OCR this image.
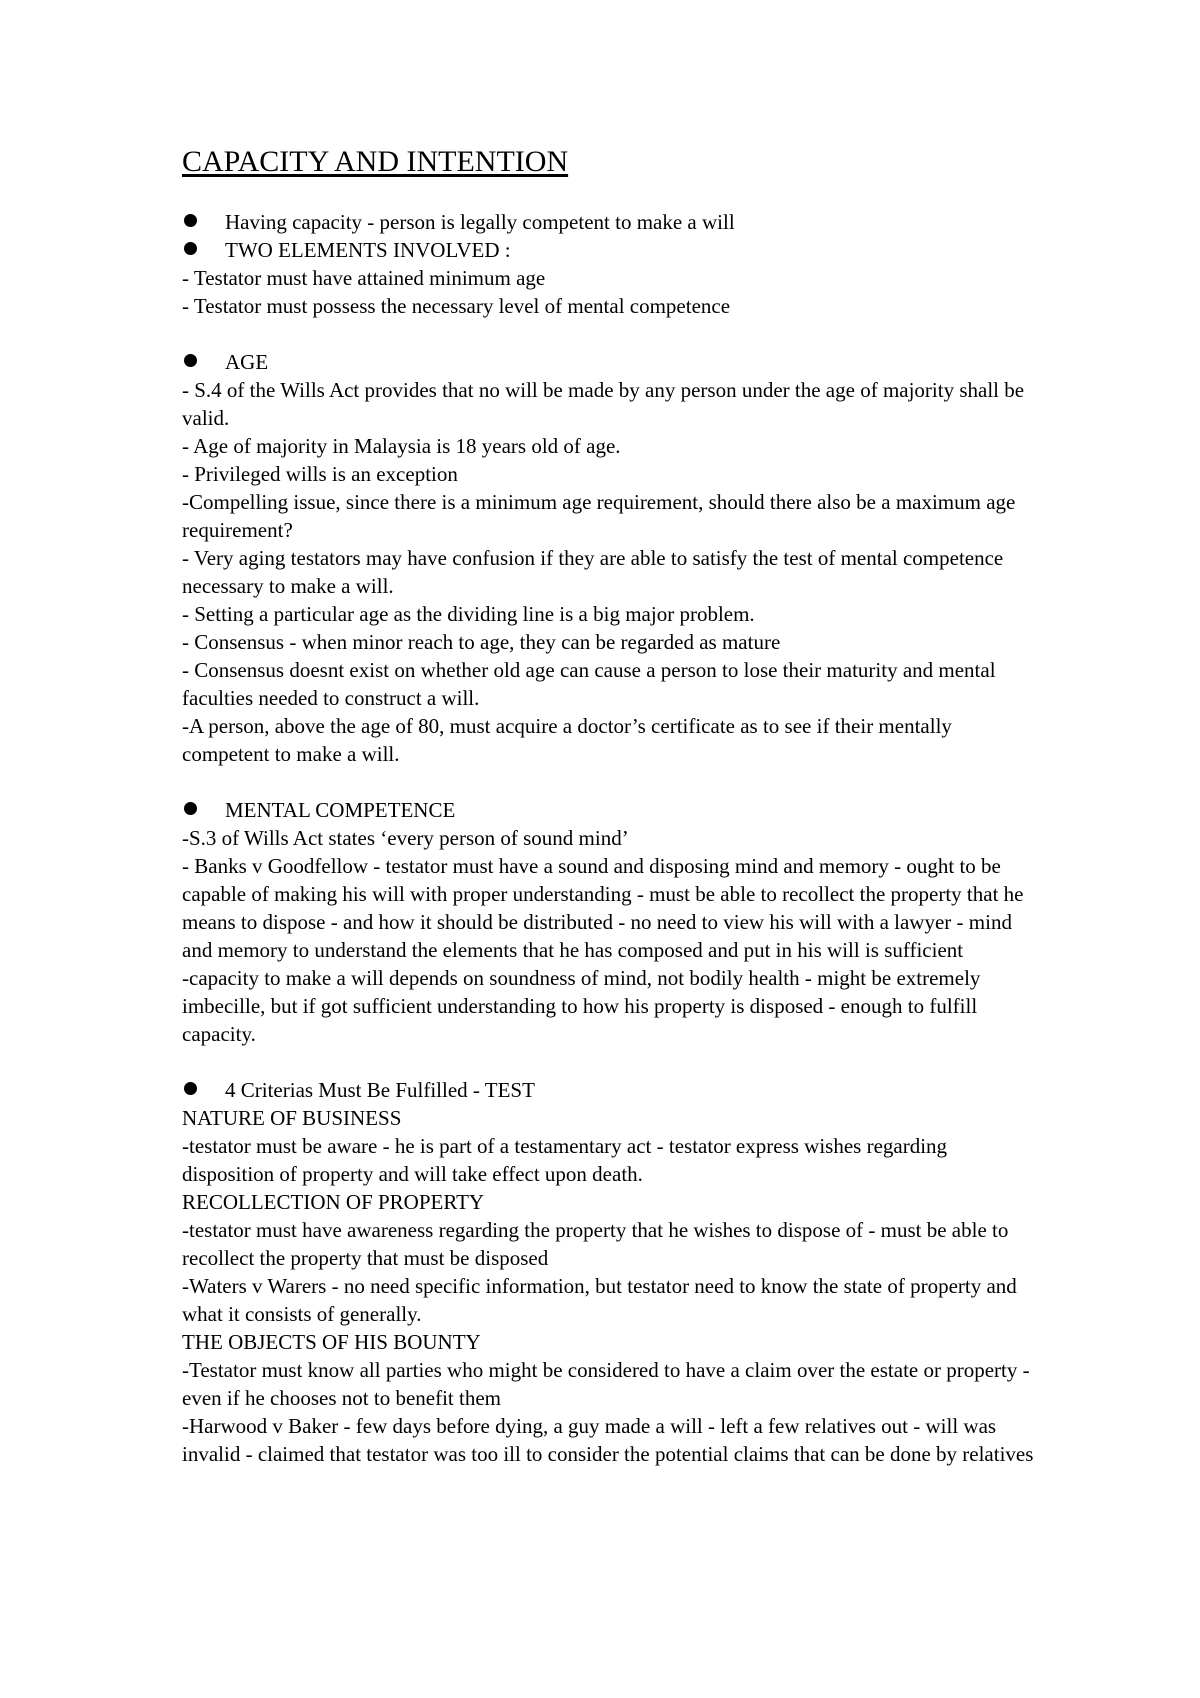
CAPACITY AND INTENTION
Having capacity - person is legally competent to make a will
TWO ELEMENTS INVOLVED :
- Testator must have attained minimum age
- Testator must possess the necessary level of mental competence
AGE
- S.4 of the Wills Act provides that no will be made by any person under the age of majority shall be valid.
- Age of majority in Malaysia is 18 years old of age.
- Privileged wills is an exception
-Compelling issue, since there is a minimum age requirement, should there also be a maximum age requirement?
- Very aging testators may have confusion if they are able to satisfy the test of mental competence necessary to make a will.
- Setting a particular age as the dividing line is a big major problem.
- Consensus - when minor reach to age, they can be regarded as mature
- Consensus doesnt exist on whether old age can cause a person to lose their maturity and mental faculties needed to construct a will.
-A person, above the age of 80, must acquire a doctor’s certificate as to see if their mentally competent to make a will.
MENTAL COMPETENCE
-S.3 of Wills Act states ‘every person of sound mind’
- Banks v Goodfellow - testator must have a sound and disposing mind and memory - ought to be capable of making his will with proper understanding - must be able to recollect the property that he means to dispose - and how it should be distributed - no need to view his will with a lawyer - mind and memory to understand the elements that he has composed and put in his will is sufficient
-capacity to make a will depends on soundness of mind, not bodily health - might be extremely imbecille, but if got sufficient understanding to how his property is disposed - enough to fulfill capacity.
4 Criterias Must Be Fulfilled - TEST
NATURE OF BUSINESS
-testator must be aware - he is part of a testamentary act - testator express wishes regarding disposition of property and will take effect upon death.
RECOLLECTION OF PROPERTY
-testator must have awareness regarding the property that he wishes to dispose of - must be able to recollect the property that must be disposed
-Waters v Warers - no need specific information, but testator need to know the state of property and what it consists of generally.
THE OBJECTS OF HIS BOUNTY
-Testator must know all parties who might be considered to have a claim over the estate or property - even if he chooses not to benefit them
-Harwood v Baker - few days before dying, a guy made a will - left a few relatives out - will was invalid - claimed that testator was too ill to consider the potential claims that can be done by relatives
